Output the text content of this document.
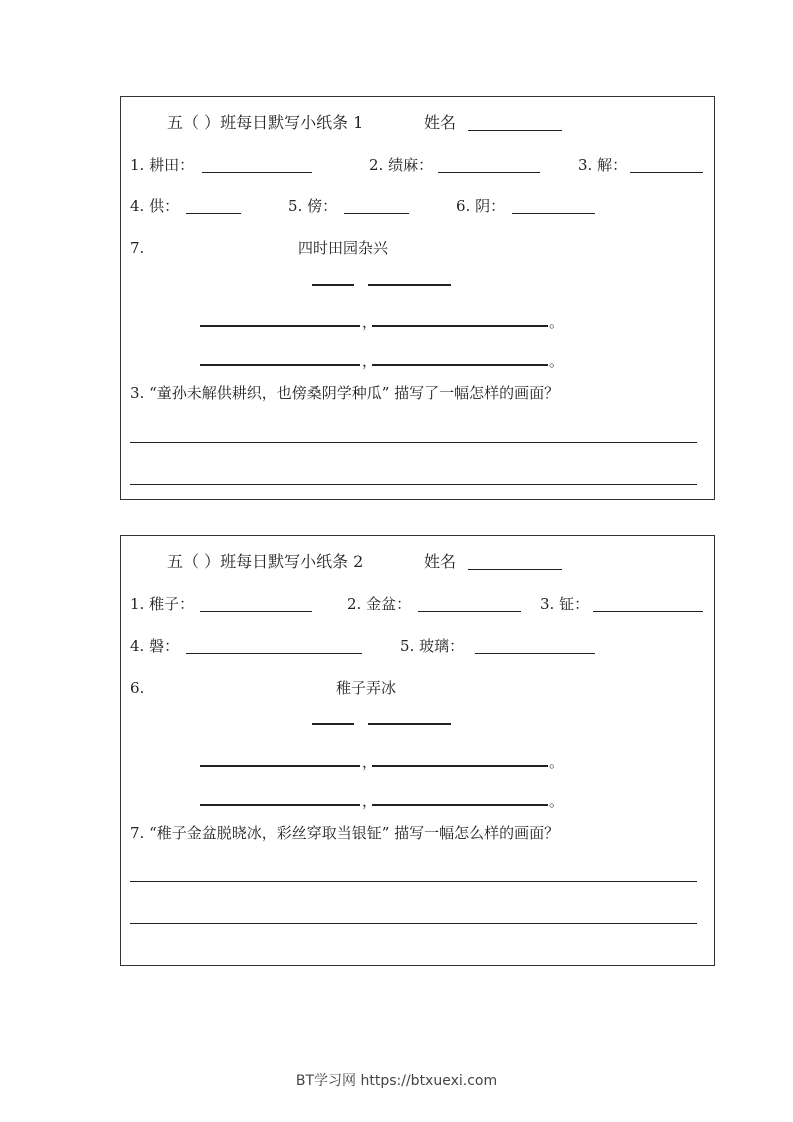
五（ ）班每日默写小纸条 1	姓名
1. 耕田：	2. 绩麻：	3. 解：
4. 供：	5. 傍：	6. 阴：
7.	四时田园杂兴
，	。
，	。
3. “童孙未解供耕织，也傍桑阴学种瓜” 描写了一幅怎样的画面？
五（ ）班每日默写小纸条 2	姓名
1. 稚子：	2. 金盆：	3. 钲：
4. 磐：	5. 玻璃：
6.	稚子弄冰
，	。
，	。
7. “稚子金盆脱晓冰，彩丝穿取当银钲” 描写一幅怎么样的画面？
BT学习网 https://btxuexi.com
